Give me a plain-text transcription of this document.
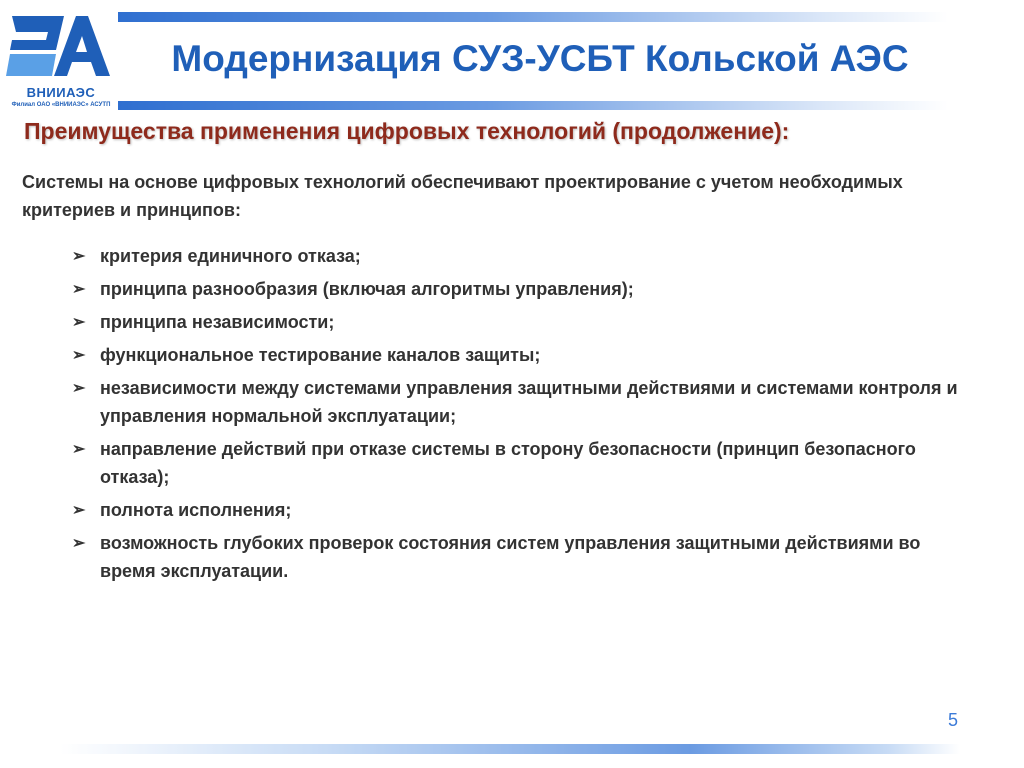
ВНИИАЭС
Филиал ОАО «ВНИИАЭС» АСУТП
Модернизация СУЗ-УСБТ Кольской АЭС
Преимущества применения цифровых технологий (продолжение):

Системы на основе цифровых технологий обеспечивают проектирование с учетом необходимых критериев и принципов:

➢ критерия единичного отказа;
➢ принципа разнообразия (включая алгоритмы управления);
➢ принципа независимости;
➢ функциональное тестирование каналов защиты;
➢ независимости между системами управления защитными действиями и системами контроля и управления нормальной эксплуатации;
➢ направление действий при отказе системы в сторону безопасности (принцип безопасного отказа);
➢ полнота исполнения;
➢ возможность глубоких проверок состояния систем управления защитными действиями во время эксплуатации.
5
